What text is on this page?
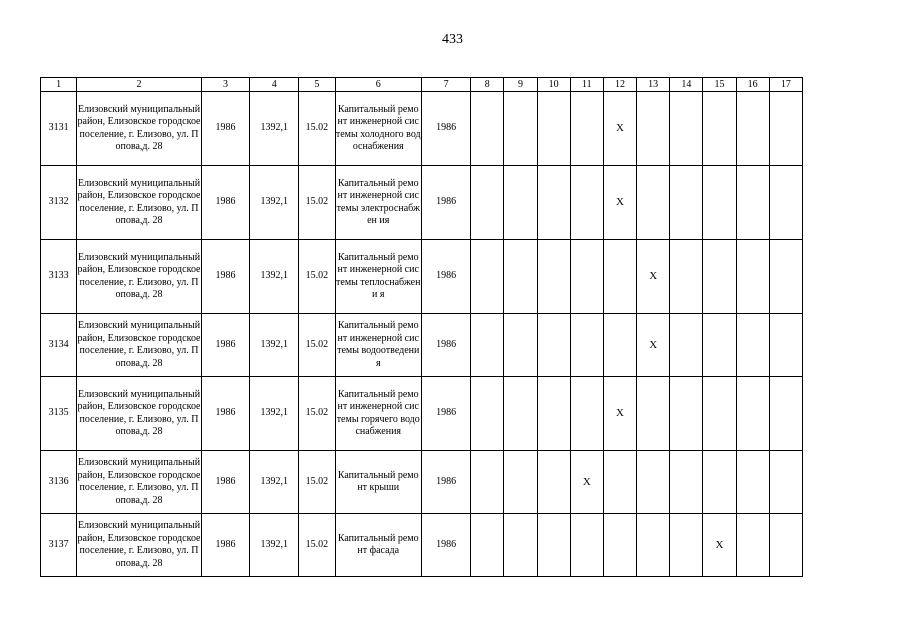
433
1	2	3	4	5	6	7	8	9	10	11	12	13	14	15	16	17
3131	Елизовский муниципальный район, Елизовское городское поселение, г. Елизово, ул. Попова,д. 28	1986	1392,1	15.02	Капитальный ремонт инженерной системы холодного водоснабжения	1986					X					
3132	Елизовский муниципальный район, Елизовское городское поселение, г. Елизово, ул. Попова,д. 28	1986	1392,1	15.02	Капитальный ремонт инженерной системы электроснабжен ия	1986					X					
3133	Елизовский муниципальный район, Елизовское городское поселение, г. Елизово, ул. Попова,д. 28	1986	1392,1	15.02	Капитальный ремонт инженерной системы теплоснабжени я	1986						X				
3134	Елизовский муниципальный район, Елизовское городское поселение, г. Елизово, ул. Попова,д. 28	1986	1392,1	15.02	Капитальный ремонт инженерной системы водоотведения	1986						X				
3135	Елизовский муниципальный район, Елизовское городское поселение, г. Елизово, ул. Попова,д. 28	1986	1392,1	15.02	Капитальный ремонт инженерной системы горячего водоснабжения	1986					X					
3136	Елизовский муниципальный район, Елизовское городское поселение, г. Елизово, ул. Попова,д. 28	1986	1392,1	15.02	Капитальный ремонт крыши	1986				X						
3137	Елизовский муниципальный район, Елизовское городское поселение, г. Елизово, ул. Попова,д. 28	1986	1392,1	15.02	Капитальный ремонт фасада	1986								X		
